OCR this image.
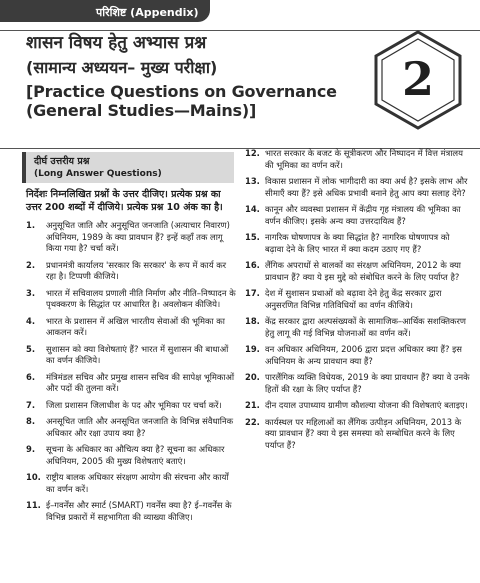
परिशिष्ट (Appendix)
शासन विषय हेतु अभ्यास प्रश्न
(सामान्य अध्ययन– मुख्य परीक्षा)
[Practice Questions on Governance
(General Studies—Mains)]
2
दीर्घ उत्तरीय प्रश्न
(Long Answer Questions)
निर्देशः निम्नलिखित प्रश्नों के उत्तर दीजिए। प्रत्येक प्रश्न का उत्तर 200 शब्दों में दीजिये। प्रत्येक प्रश्न 10 अंक का है।
1.	अनुसूचित जाति और अनुसूचित जनजाति (अत्याचार निवारण) अधिनियम, 1989 के क्या प्रावधान हैं? इन्हें कहाँ तक लागू किया गया है? चर्चा करें।
2.	प्रधानमंत्री कार्यालय 'सरकार कि सरकार' के रूप में कार्य कर रहा है। टिप्पणी कीजिये।
3.	भारत में सचिवालय प्रणाली नीति निर्माण और नीति–निष्पादन के पृथक्करण के सिद्धांत पर आधारित है। अवलोकन कीजिये।
4.	भारत के प्रशासन में अखिल भारतीय सेवाओं की भूमिका का आकलन करें।
5.	सुशासन को क्या विशेषताएं हैं? भारत में सुशासन की बाधाओं का वर्णन कीजिये।
6.	मंत्रिमंडल सचिव और प्रमुख शासन सचिव की सापेक्ष भूमिकाओं और पदों की तुलना करें।
7.	जिला प्रशासन जिलाधीश के पद और भूमिका पर चर्चा करें।
8.	अनसूचित जाति और अनसूचित जनजाति के विभिन्न संवैधानिक अधिकार और रक्षा उपाय क्या है?
9.	सूचना के अधिकार का औचित्य क्या है? सूचना का अधिकार अधिनियम, 2005 की मुख्य विशेषताएं बताएं।
10. राष्ट्रीय बालक अधिकार संरक्षण आयोग की संरचना और कार्यों का वर्णन करें।
11. ई–गवर्नेंस और स्मार्ट (SMART) गवर्नेंस क्या है? ई–गवर्नेंस के विभिन्न प्रकारों में सहभागिता की व्याख्या कीजिए।
12. भारत सरकार के बजट के सूत्रीकरण और निष्पादन में वित्त मंत्रालय की भूमिका का वर्णन करें।
13. विकास प्रशासन में लोक भागीदारी का क्या अर्थ है? इसके लाभ और सीमाएँ क्या हैं? इसे अधिक प्रभावी बनाने हेतु आप क्या सलाह देंगे?
14. कानून और व्यवस्था प्रशासन में केंद्रीय गृह मंत्रालय की भूमिका का वर्णन कीजिए। इसके अन्य क्या उत्तरदायित्व हैं?
15. नागरिक घोषणापत्र के क्या सिद्धांत है? नागरिक घोषणापत्र को बढ़ावा देने के लिए भारत में क्या कदम उठाए गए हैं?
16. लैंगिक अपराधों से बालकों का संरक्षण अधिनियम, 2012 के क्या प्रावधान हैं? क्या ये इस मुद्दे को संबोधित करने के लिए पर्याप्त है?
17. देश में सुशासन प्रथाओं को बढ़ावा देने हेतु केंद्र सरकार द्वारा अनुसरणित विभिन्न गतिविधियों का वर्णन कीजिये।
18. केंद्र सरकार द्वारा अल्पसंख्यकों के सामाजिक–आर्थिक सशक्तिकरण हेतु लागू की गई विभिन्न योजनाओं का वर्णन करें।
19. वन अधिकार अधिनियम, 2006 द्वारा प्रदत्त अधिकार क्या हैं? इस अधिनियम के अन्य प्रावधान क्या हैं?
20. पारलैंगिक व्यक्ति विधेयक, 2019 के क्या प्रावधान हैं? क्या वे उनके हितों की रक्षा के लिए पर्याप्त हैं?
21. दीन दयाल उपाध्याय ग्रामीण कौशल्या योजना की विशेषताएं बताइए।
22. कार्यस्थल पर महिलाओं का लैंगिक उत्पीड़न अधिनियम, 2013 के क्या प्रावधान हैं? क्या ये इस समस्या को सम्बोधित करने के लिए पर्याप्त हैं?
